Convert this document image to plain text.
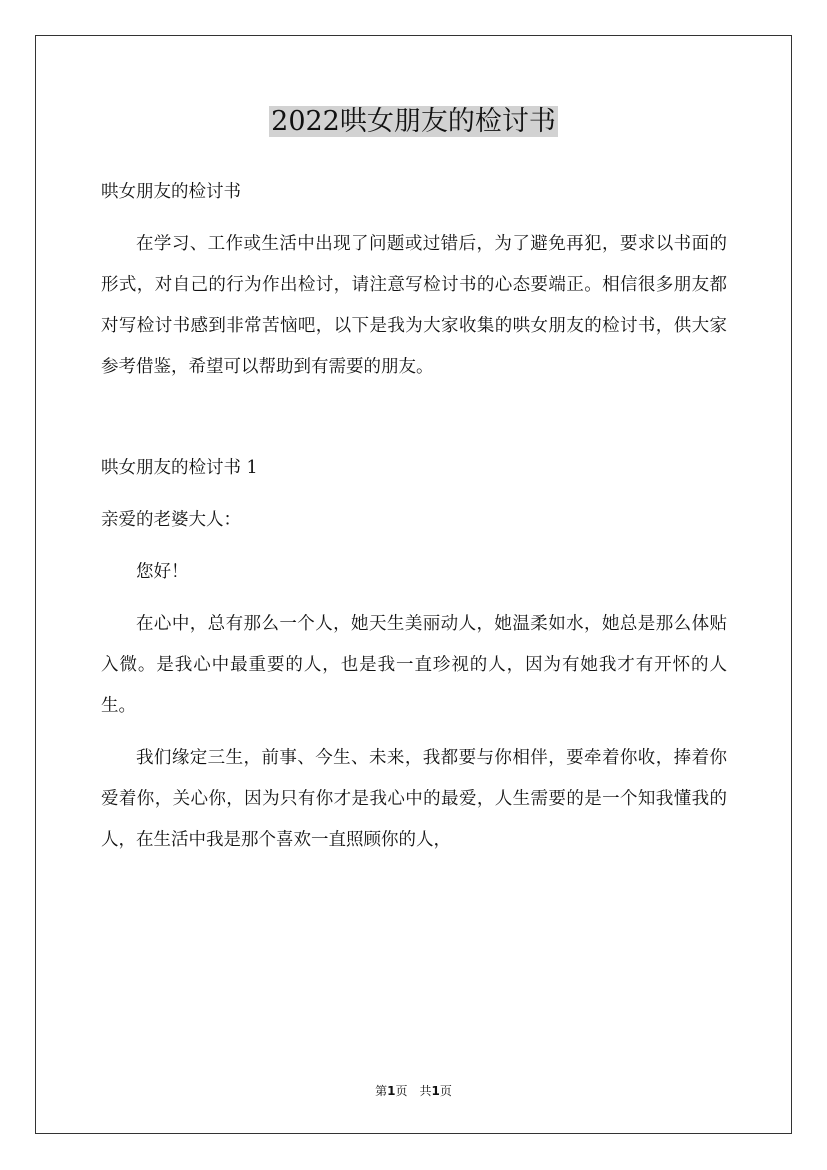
2022哄女朋友的检讨书

哄女朋友的检讨书

在学习、工作或生活中出现了问题或过错后，为了避免再犯，要求以书面的形式，对自己的行为作出检讨，请注意写检讨书的心态要端正。相信很多朋友都对写检讨书感到非常苦恼吧，以下是我为大家收集的哄女朋友的检讨书，供大家参考借鉴，希望可以帮助到有需要的朋友。

哄女朋友的检讨书 1

亲爱的老婆大人：

您好！

在心中，总有那么一个人，她天生美丽动人，她温柔如水，她总是那么体贴入微。是我心中最重要的人，也是我一直珍视的人，因为有她我才有开怀的人生。

我们缘定三生，前事、今生、未来，我都要与你相伴，要牵着你收，捧着你爱着你，关心你，因为只有你才是我心中的最爱，人生需要的是一个知我懂我的人，在生活中我是那个喜欢一直照顾你的人，

第1页 共1页
